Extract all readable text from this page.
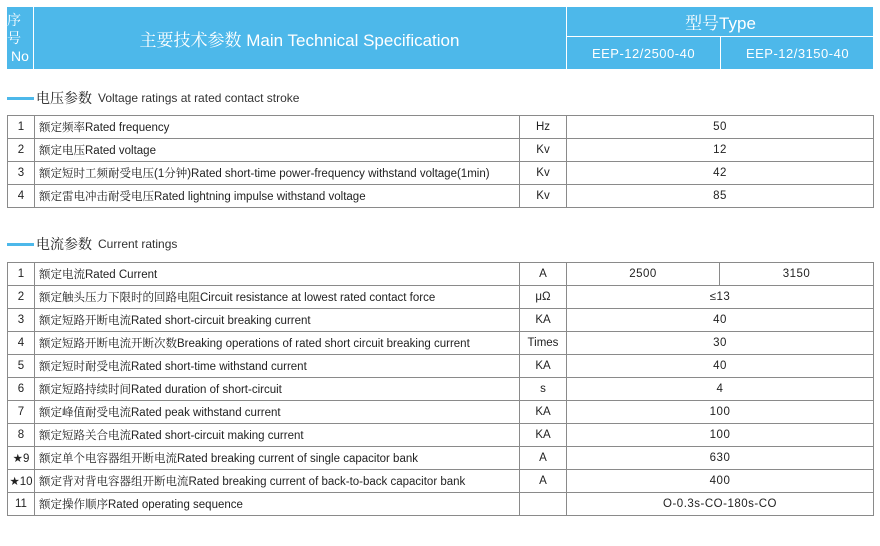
序号
No
主要技术参数 Main Technical Specification
型号Type
EEP-12/2500-40	EEP-12/3150-40
电压参数 Voltage ratings at rated contact stroke
1	额定频率Rated frequency	Hz	50
2	额定电压Rated voltage	Kv	12
3	额定短时工频耐受电压(1分钟)Rated short-time power-frequency withstand voltage(1min)	Kv	42
4	额定雷电冲击耐受电压Rated lightning impulse withstand voltage	Kv	85
电流参数 Current ratings
1	额定电流Rated Current	A	2500	3150
2	额定触头压力下限时的回路电阻Circuit resistance at lowest rated contact force	μΩ	≤13	
3	额定短路开断电流Rated short-circuit breaking current	KA	40	
4	额定短路开断电流开断次数Breaking operations of rated short circuit breaking current	Times	30	
5	额定短时耐受电流Rated short-time withstand current	KA	40	
6	额定短路持续时间Rated duration of short-circuit	s	4	
7	额定峰值耐受电流Rated peak withstand current	KA	100	
8	额定短路关合电流Rated short-circuit making current	KA	100	
★9	额定单个电容器组开断电流Rated breaking current of single capacitor bank	A	630	
★10	额定背对背电容器组开断电流Rated breaking current of back-to-back capacitor bank	A	400	
11	额定操作顺序Rated operating sequence		O-0.3s-CO-180s-CO	
